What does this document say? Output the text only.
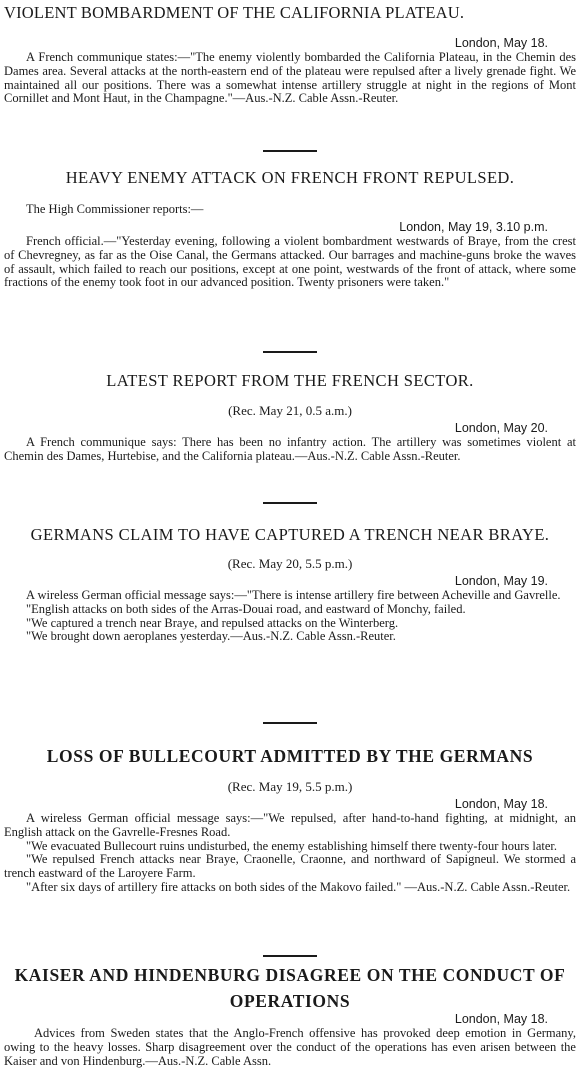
VIOLENT BOMBARDMENT OF THE CALIFORNIA PLATEAU.

London, May 18.

A French communique states:—"The enemy violently bombarded the California Plateau, in the Chemin des Dames area. Several attacks at the north-eastern end of the plateau were repulsed after a lively grenade fight. We maintained all our positions. There was a somewhat intense artillery struggle at night in the regions of Mont Cornillet and Mont Haut, in the Champagne."—Aus.-N.Z. Cable Assn.-Reuter.

HEAVY ENEMY ATTACK ON FRENCH FRONT REPULSED.

The High Commissioner reports:—

London, May 19, 3.10 p.m.

French official.—"Yesterday evening, following a violent bombardment westwards of Braye, from the crest of Chevregney, as far as the Oise Canal, the Germans attacked. Our barrages and machine-guns broke the waves of assault, which failed to reach our positions, except at one point, westwards of the front of attack, where some fractions of the enemy took foot in our advanced position. Twenty prisoners were taken."

LATEST REPORT FROM THE FRENCH SECTOR.

(Rec. May 21, 0.5 a.m.)

London, May 20.

A French communique says: There has been no infantry action. The artillery was sometimes violent at Chemin des Dames, Hurtebise, and the California plateau.—Aus.-N.Z. Cable Assn.-Reuter.

GERMANS CLAIM TO HAVE CAPTURED A TRENCH NEAR BRAYE.

(Rec. May 20, 5.5 p.m.)

London, May 19.

A wireless German official message says:—"There is intense artillery fire between Acheville and Gavrelle.

"English attacks on both sides of the Arras-Douai road, and eastward of Monchy, failed.

"We captured a trench near Braye, and repulsed attacks on the Winterberg.

"We brought down aeroplanes yesterday.—Aus.-N.Z. Cable Assn.-Reuter.

LOSS OF BULLECOURT ADMITTED BY THE GERMANS

(Rec. May 19, 5.5 p.m.)

London, May 18.

A wireless German official message says:—"We repulsed, after hand-to-hand fighting, at midnight, an English attack on the Gavrelle-Fresnes Road.

"We evacuated Bullecourt ruins undisturbed, the enemy establishing himself there twenty-four hours later.

"We repulsed French attacks near Braye, Craonelle, Craonne, and northward of Sapigneul. We stormed a trench eastward of the Laroyere Farm.

"After six days of artillery fire attacks on both sides of the Makovo failed." —Aus.-N.Z. Cable Assn.-Reuter.

KAISER AND HINDENBURG DISAGREE ON THE CONDUCT OF OPERATIONS

London, May 18.

Advices from Sweden states that the Anglo-French offensive has provoked deep emotion in Germany, owing to the heavy losses. Sharp disagreement over the conduct of the operations has even arisen between the Kaiser and von Hindenburg.—Aus.-N.Z. Cable Assn.
